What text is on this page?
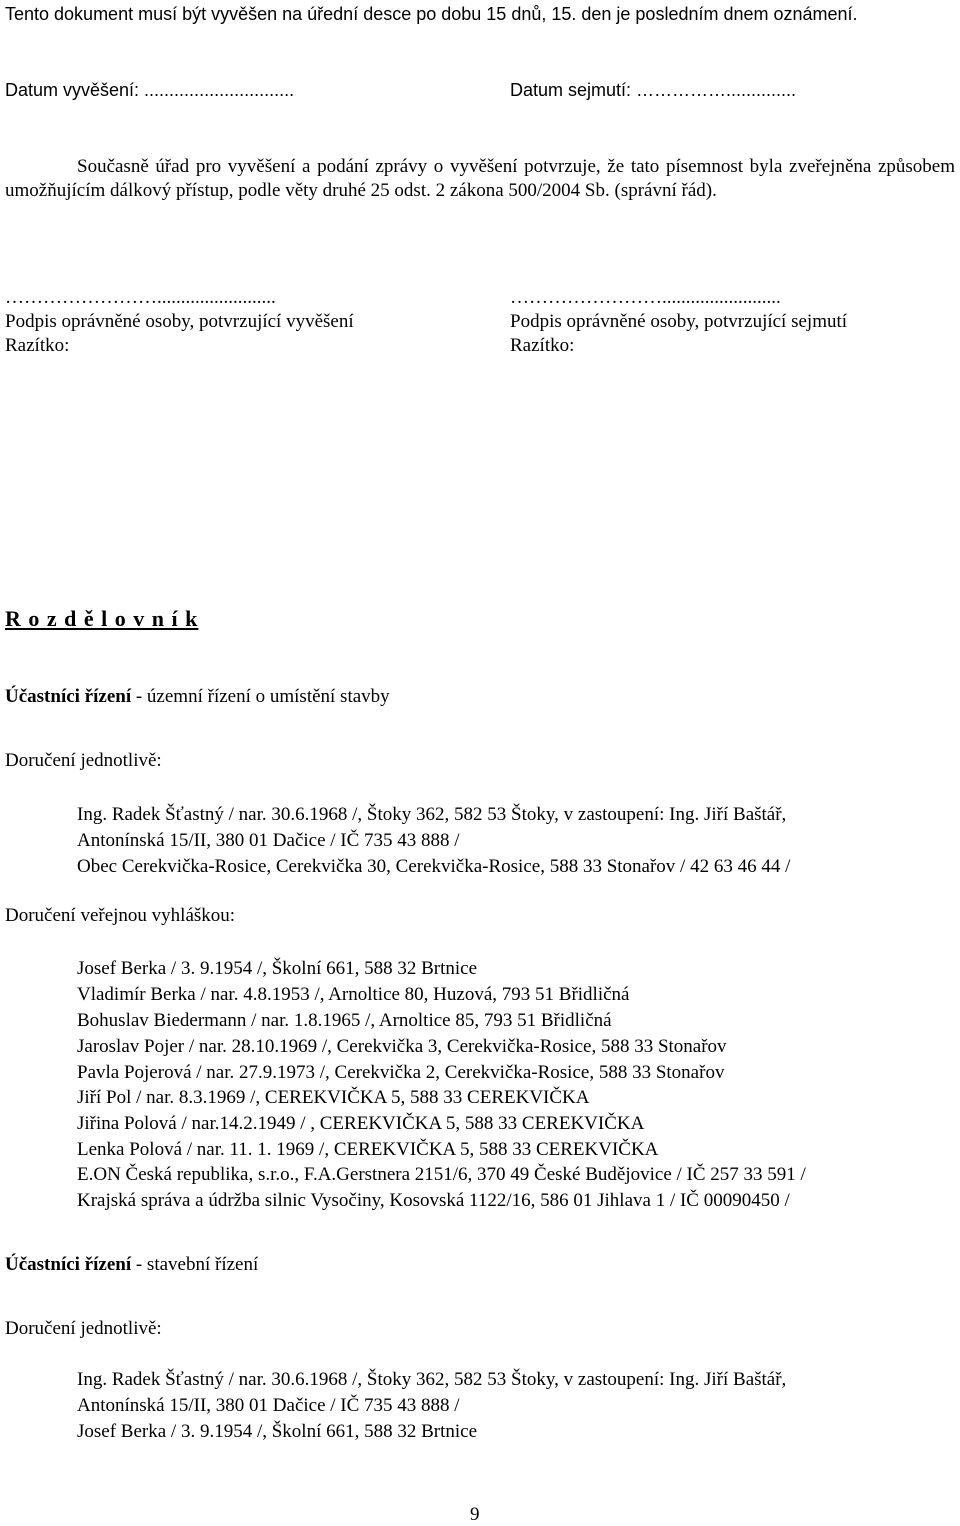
Tento dokument musí být vyvěšen na úřední desce po dobu 15 dnů, 15. den je posledním dnem oznámení.
Datum vyvěšení: ..............................	Datum sejmutí: ……………..............
Současně úřad pro vyvěšení a podání zprávy o vyvěšení potvrzuje, že tato písemnost byla zveřejněna způsobem umožňujícím dálkový přístup, podle věty druhé 25 odst. 2 zákona 500/2004 Sb. (správní řád).
…………………….........................
Podpis oprávněné osoby, potvrzující vyvěšení
Razítko:
…………………….........................
Podpis oprávněné osoby, potvrzující sejmutí
Razítko:
R o z d ě l o v n í k
Účastníci řízení - územní řízení o umístění stavby
Doručení jednotlivě:
Ing. Radek Šťastný / nar. 30.6.1968 /, Štoky 362, 582 53 Štoky, v zastoupení: Ing. Jiří Baštář,
Antonínská 15/II, 380 01 Dačice / IČ 735 43 888 /
Obec Cerekvička-Rosice, Cerekvička 30, Cerekvička-Rosice, 588 33 Stonařov / 42 63 46 44 /
Doručení veřejnou vyhláškou:
Josef Berka / 3. 9.1954 /, Školní 661, 588 32 Brtnice
Vladimír Berka / nar. 4.8.1953 /, Arnoltice 80, Huzová, 793 51 Břidličná
Bohuslav Biedermann / nar. 1.8.1965 /, Arnoltice 85, 793 51 Břidličná
Jaroslav Pojer / nar. 28.10.1969 /, Cerekvička 3, Cerekvička-Rosice, 588 33 Stonařov
Pavla Pojerová / nar. 27.9.1973 /, Cerekvička 2, Cerekvička-Rosice, 588 33 Stonařov
Jiří Pol / nar. 8.3.1969 /, CEREKVIČKA 5, 588 33 CEREKVIČKA
Jiřina Polová / nar.14.2.1949 / , CEREKVIČKA 5, 588 33 CEREKVIČKA
Lenka Polová / nar. 11. 1. 1969 /, CEREKVIČKA 5, 588 33 CEREKVIČKA
E.ON Česká republika, s.r.o., F.A.Gerstnera 2151/6, 370 49 České Budějovice / IČ 257 33 591 /
Krajská správa a údržba silnic Vysočiny, Kosovská 1122/16, 586 01 Jihlava 1 / IČ 00090450 /
Účastníci řízení - stavební řízení
Doručení jednotlivě:
Ing. Radek Šťastný / nar. 30.6.1968 /, Štoky 362, 582 53 Štoky, v zastoupení: Ing. Jiří Baštář,
Antonínská 15/II, 380 01 Dačice / IČ 735 43 888 /
Josef Berka / 3. 9.1954 /, Školní 661, 588 32 Brtnice
9
